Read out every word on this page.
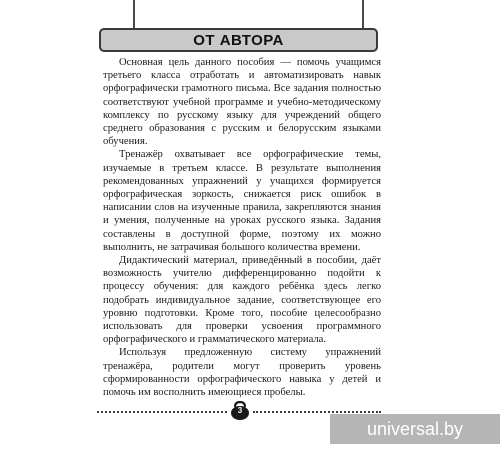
ОТ АВТОРА

Основная цель данного пособия — помочь учащимся третьего класса отработать и автоматизировать навык орфографически грамотного письма. Все задания полностью соответствуют учебной программе и учебно-методическому комплексу по русскому языку для учреждений общего среднего образования с русским и белорусским языками обучения.

Тренажёр охватывает все орфографические темы, изучаемые в третьем классе. В результате выполнения рекомендованных упражнений у учащихся формируется орфографическая зоркость, снижается риск ошибок в написании слов на изученные правила, закрепляются знания и умения, полученные на уроках русского языка. Задания составлены в доступной форме, поэтому их можно выполнить, не затрачивая большого количества времени.

Дидактический материал, приведённый в пособии, даёт возможность учителю дифференцированно подойти к процессу обучения: для каждого ребёнка здесь легко подобрать индивидуальное задание, соответствующее его уровню подготовки. Кроме того, пособие целесообразно использовать для проверки усвоения программного орфографического и грамматического материала.

Используя предложенную систему упражнений тренажёра, родители могут проверить уровень сформированности орфографического навыка у детей и помочь им восполнить имеющиеся пробелы.

3
universal.by
